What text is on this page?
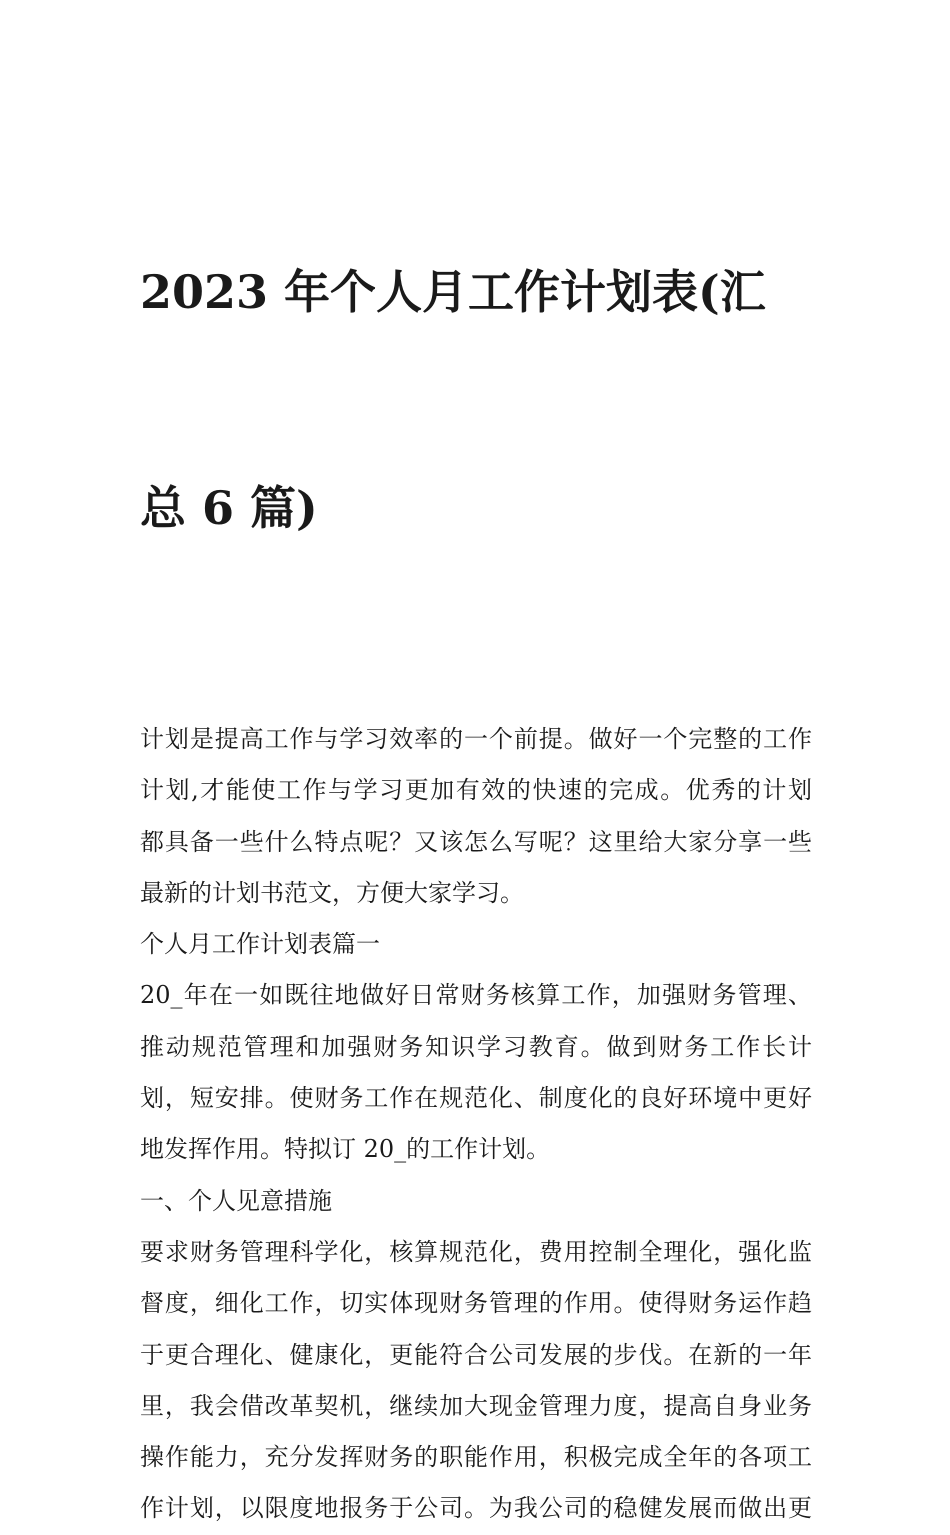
2023 年个人月工作计划表(汇

总 6 篇)

计划是提高工作与学习效率的一个前提。做好一个完整的工作
计划,才能使工作与学习更加有效的快速的完成。优秀的计划
都具备一些什么特点呢？又该怎么写呢？这里给大家分享一些
最新的计划书范文，方便大家学习。

个人月工作计划表篇一

20_年在一如既往地做好日常财务核算工作，加强财务管理、
推动规范管理和加强财务知识学习教育。做到财务工作长计
划，短安排。使财务工作在规范化、制度化的良好环境中更好
地发挥作用。特拟订 20_的工作计划。

一、个人见意措施

要求财务管理科学化，核算规范化，费用控制全理化，强化监
督度，细化工作，切实体现财务管理的作用。使得财务运作趋
于更合理化、健康化，更能符合公司发展的步伐。在新的一年
里，我会借改革契机，继续加大现金管理力度，提高自身业务
操作能力，充分发挥财务的职能作用，积极完成全年的各项工
作计划，以限度地报务于公司。为我公司的稳健发展而做出更
